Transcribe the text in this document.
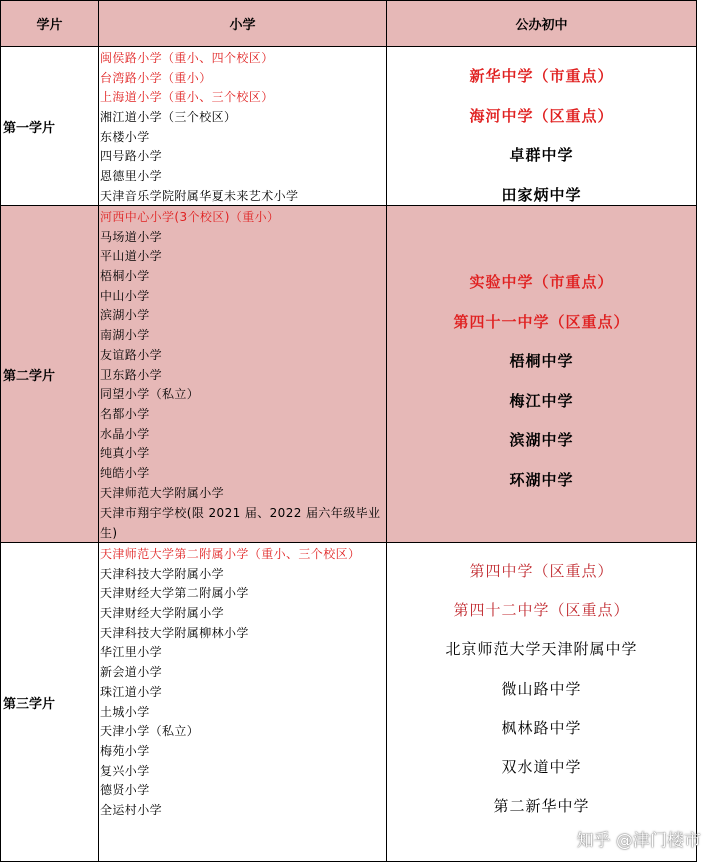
学片	小学	公办初中
第一学片
闽侯路小学（重小、四个校区）
台湾路小学（重小）
上海道小学（重小、三个校区）
湘江道小学（三个校区）
东楼小学
四号路小学
恩德里小学
天津音乐学院附属华夏未来艺术小学
新华中学（市重点）
海河中学（区重点）
卓群中学
田家炳中学
第二学片
河西中心小学(3个校区)（重小）
马场道小学
平山道小学
梧桐小学
中山小学
滨湖小学
南湖小学
友谊路小学
卫东路小学
同望小学（私立）
名都小学
水晶小学
纯真小学
纯皓小学
天津师范大学附属小学
天津市翔宇学校(限 2021 届、2022 届六年级毕业生)
实验中学（市重点）
第四十一中学（区重点）
梧桐中学
梅江中学
滨湖中学
环湖中学
第三学片
天津师范大学第二附属小学（重小、三个校区）
天津科技大学附属小学
天津财经大学第二附属小学
天津财经大学附属小学
天津科技大学附属柳林小学
华江里小学
新会道小学
珠江道小学
土城小学
天津小学（私立）
梅苑小学
复兴小学
德贤小学
全运村小学
第四中学（区重点）
第四十二中学（区重点）
北京师范大学天津附属中学
微山路中学
枫林路中学
双水道中学
第二新华中学
知乎 @津门楼市
